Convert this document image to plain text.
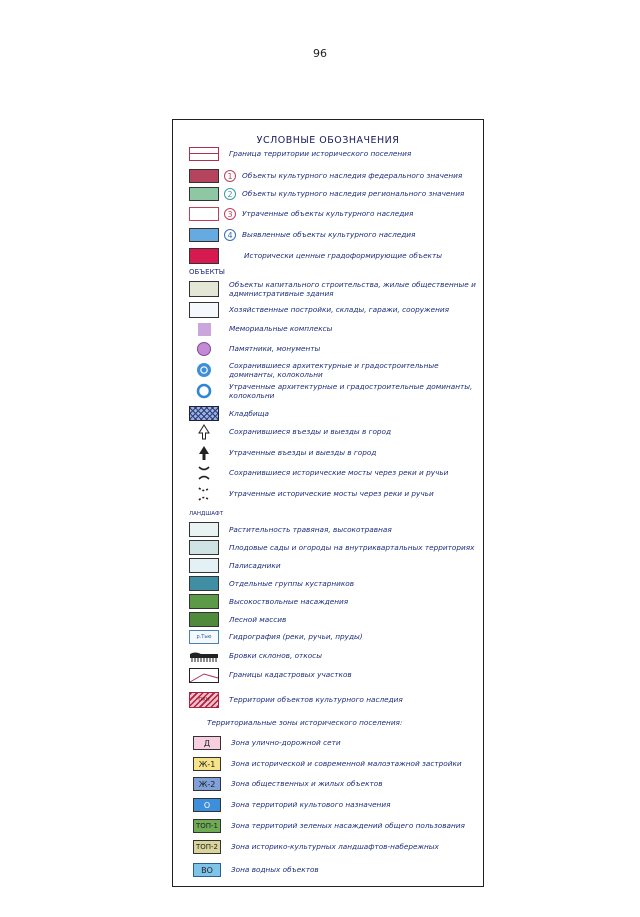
96
УСЛОВНЫЕ ОБОЗНАЧЕНИЯ
Граница территории исторического поселения
1	Объекты культурного наследия федерального значения
2	Объекты культурного наследия регионального значения
3	Утраченные объекты культурного наследия
4	Выявленные объекты культурного наследия
Исторически ценные градоформирующие объекты
ОБЪЕКТЫ
Объекты капитального строительства, жилые общественные и административные здания
Хозяйственные постройки, склады, гаражи, сооружения
Мемориальные комплексы
Памятники, монументы
Сохранившиеся архитектурные и градостроительные доминанты, колокольни
Утраченные архитектурные и градостроительные доминанты, колокольни
Кладбища
Сохранившиеся въезды и выезды в город
Утраченные въезды и выезды в город
Сохранившиеся исторические мосты через реки и ручьи
Утраченные исторические мосты через реки и ручьи
ЛАНДШАФТ
Растительность травяная, высокотравная
Плодовые сады и огороды на внутриквартальных территориях
Палисадники
Отдельные группы кустарников
Высокоствольные насаждения
Лесной массив
р.Тью	Гидрография (реки, ручьи, пруды)
Бровки склонов, откосы
Границы кадастровых участков
ОКН	Территории объектов культурного наследия
Территориальные зоны исторического поселения:
Д	Зона улично-дорожной сети
Ж-1	Зона исторической и современной малоэтажной застройки
Ж-2	Зона общественных и жилых объектов
О	Зона территорий культового назначения
ТОП-1	Зона территорий зеленых насаждений общего пользования
ТОП-2	Зона историко-культурных ландшафтов-набережных
ВО	Зона водных объектов
